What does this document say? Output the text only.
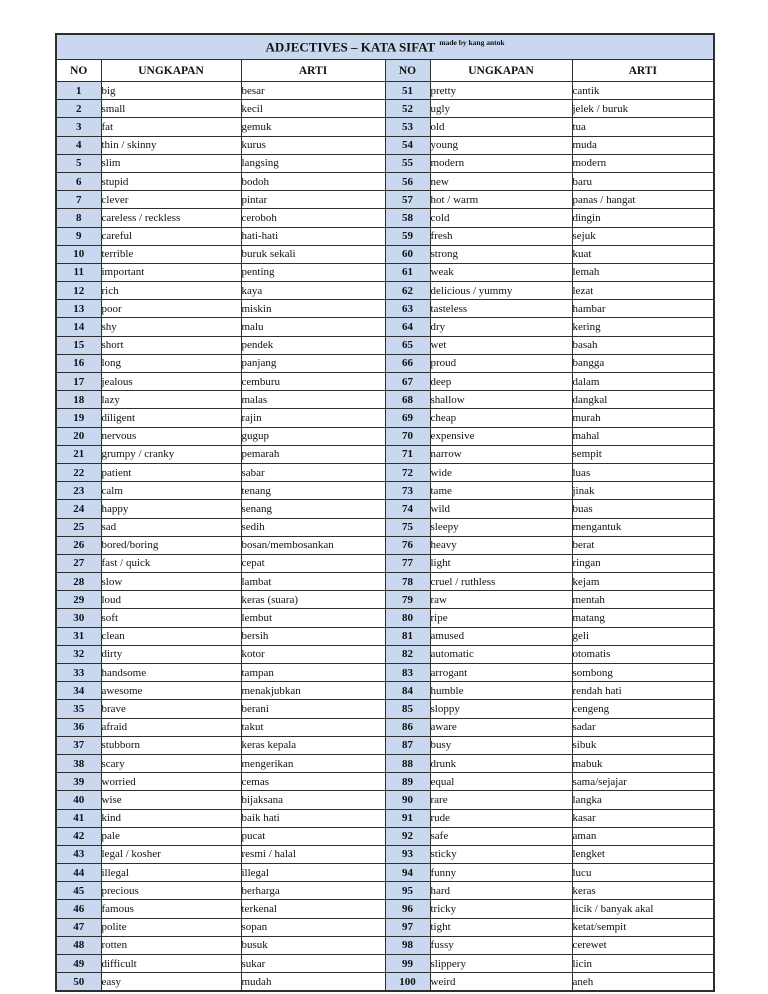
ADJECTIVES – KATA SIFAT $^{made by kang antok}$
NO	UNGKAPAN	ARTI	NO	UNGKAPAN	ARTI
1	big	besar	51	pretty	cantik
2	small	kecil	52	ugly	jelek / buruk
3	fat	gemuk	53	old	tua
4	thin / skinny	kurus	54	young	muda
5	slim	langsing	55	modern	modern
6	stupid	bodoh	56	new	baru
7	clever	pintar	57	hot / warm	panas / hangat
8	careless / reckless	ceroboh	58	cold	dingin
9	careful	hati-hati	59	fresh	sejuk
10	terrible	buruk sekali	60	strong	kuat
11	important	penting	61	weak	lemah
12	rich	kaya	62	delicious / yummy	lezat
13	poor	miskin	63	tasteless	hambar
14	shy	malu	64	dry	kering
15	short	pendek	65	wet	basah
16	long	panjang	66	proud	bangga
17	jealous	cemburu	67	deep	dalam
18	lazy	malas	68	shallow	dangkal
19	diligent	rajin	69	cheap	murah
20	nervous	gugup	70	expensive	mahal
21	grumpy / cranky	pemarah	71	narrow	sempit
22	patient	sabar	72	wide	luas
23	calm	tenang	73	tame	jinak
24	happy	senang	74	wild	buas
25	sad	sedih	75	sleepy	mengantuk
26	bored/boring	bosan/membosankan	76	heavy	berat
27	fast / quick	cepat	77	light	ringan
28	slow	lambat	78	cruel / ruthless	kejam
29	loud	keras (suara)	79	raw	mentah
30	soft	lembut	80	ripe	matang
31	clean	bersih	81	amused	geli
32	dirty	kotor	82	automatic	otomatis
33	handsome	tampan	83	arrogant	sombong
34	awesome	menakjubkan	84	humble	rendah hati
35	brave	berani	85	sloppy	cengeng
36	afraid	takut	86	aware	sadar
37	stubborn	keras kepala	87	busy	sibuk
38	scary	mengerikan	88	drunk	mabuk
39	worried	cemas	89	equal	sama/sejajar
40	wise	bijaksana	90	rare	langka
41	kind	baik hati	91	rude	kasar
42	pale	pucat	92	safe	aman
43	legal / kosher	resmi / halal	93	sticky	lengket
44	illegal	illegal	94	funny	lucu
45	precious	berharga	95	hard	keras
46	famous	terkenal	96	tricky	licik / banyak akal
47	polite	sopan	97	tight	ketat/sempit
48	rotten	busuk	98	fussy	cerewet
49	difficult	sukar	99	slippery	licin
50	easy	mudah	100	weird	aneh
